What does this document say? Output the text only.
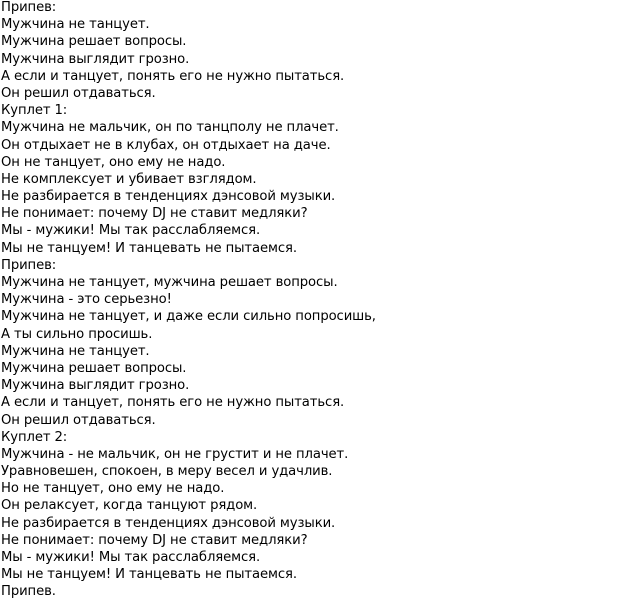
Припев:
Мужчина не танцует.
Мужчина решает вопросы.
Мужчина выглядит грозно.
А если и танцует, понять его не нужно пытаться.
Он решил отдаваться.
Куплет 1:
Мужчина не мальчик, он по танцполу не плачет.
Он отдыхает не в клубах, он отдыхает на даче.
Он не танцует, оно ему не надо.
Не комплексует и убивает взглядом.
Не разбирается в тенденциях дэнсовой музыки.
Не понимает: почему DJ не ставит медляки?
Мы - мужики! Мы так расслабляемся.
Мы не танцуем! И танцевать не пытаемся.
Припев:
Мужчина не танцует, мужчина решает вопросы.
Мужчина - это серьезно!
Мужчина не танцует, и даже если сильно попросишь,
А ты сильно просишь.
Мужчина не танцует.
Мужчина решает вопросы.
Мужчина выглядит грозно.
А если и танцует, понять его не нужно пытаться.
Он решил отдаваться.
Куплет 2:
Мужчина - не мальчик, он не грустит и не плачет.
Уравновешен, спокоен, в меру весел и удачлив.
Но не танцует, оно ему не надо.
Он релаксует, когда танцуют рядом.
Не разбирается в тенденциях дэнсовой музыки.
Не понимает: почему DJ не ставит медляки?
Мы - мужики! Мы так расслабляемся.
Мы не танцуем! И танцевать не пытаемся.
Припев.
